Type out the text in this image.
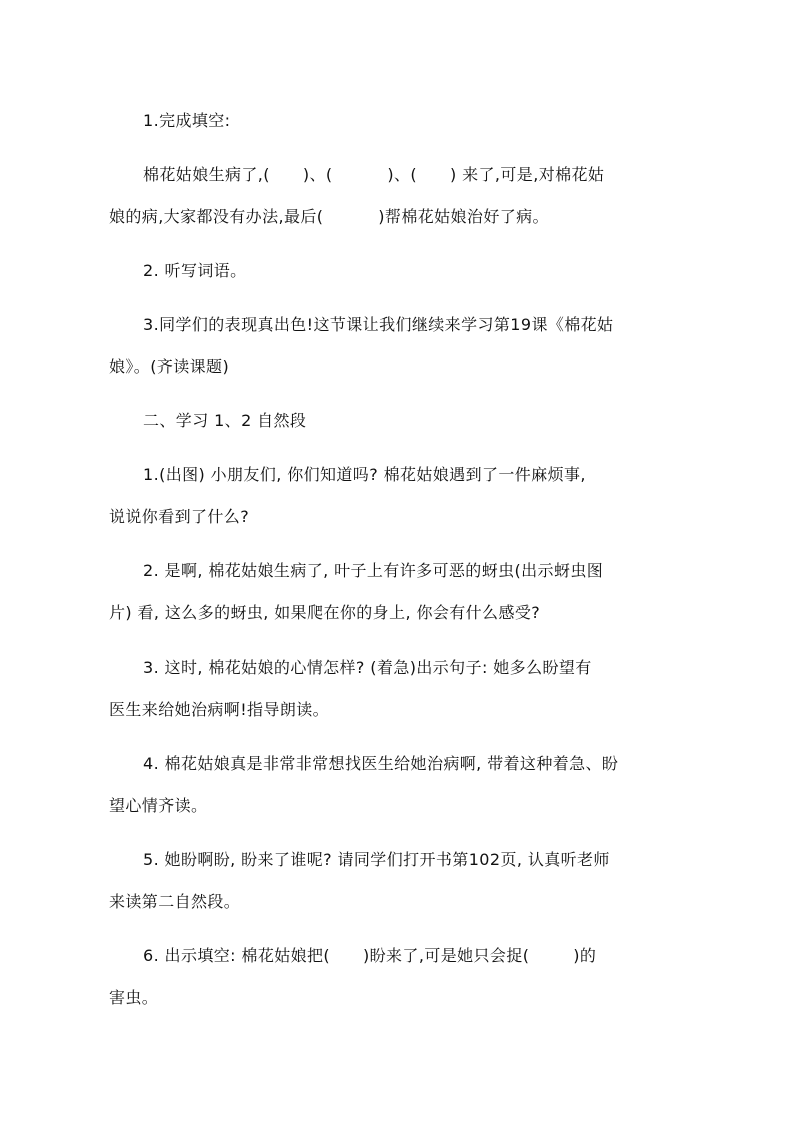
1.完成填空:
棉花姑娘生病了,(      )、(          )、(      ) 来了,可是,对棉花姑
娘的病,大家都没有办法,最后(          )帮棉花姑娘治好了病。
2. 听写词语。
3.同学们的表现真出色!这节课让我们继续来学习第19课《棉花姑
娘》。(齐读课题)
二、学习 1、2 自然段
1.(出图) 小朋友们, 你们知道吗? 棉花姑娘遇到了一件麻烦事,
说说你看到了什么?
2. 是啊, 棉花姑娘生病了, 叶子上有许多可恶的蚜虫(出示蚜虫图
片) 看, 这么多的蚜虫, 如果爬在你的身上, 你会有什么感受?
3. 这时, 棉花姑娘的心情怎样? (着急)出示句子: 她多么盼望有
医生来给她治病啊!指导朗读。
4. 棉花姑娘真是非常非常想找医生给她治病啊, 带着这种着急、盼
望心情齐读。
5. 她盼啊盼, 盼来了谁呢? 请同学们打开书第102页, 认真听老师
来读第二自然段。
6. 出示填空: 棉花姑娘把(      )盼来了,可是她只会捉(        )的
害虫。
